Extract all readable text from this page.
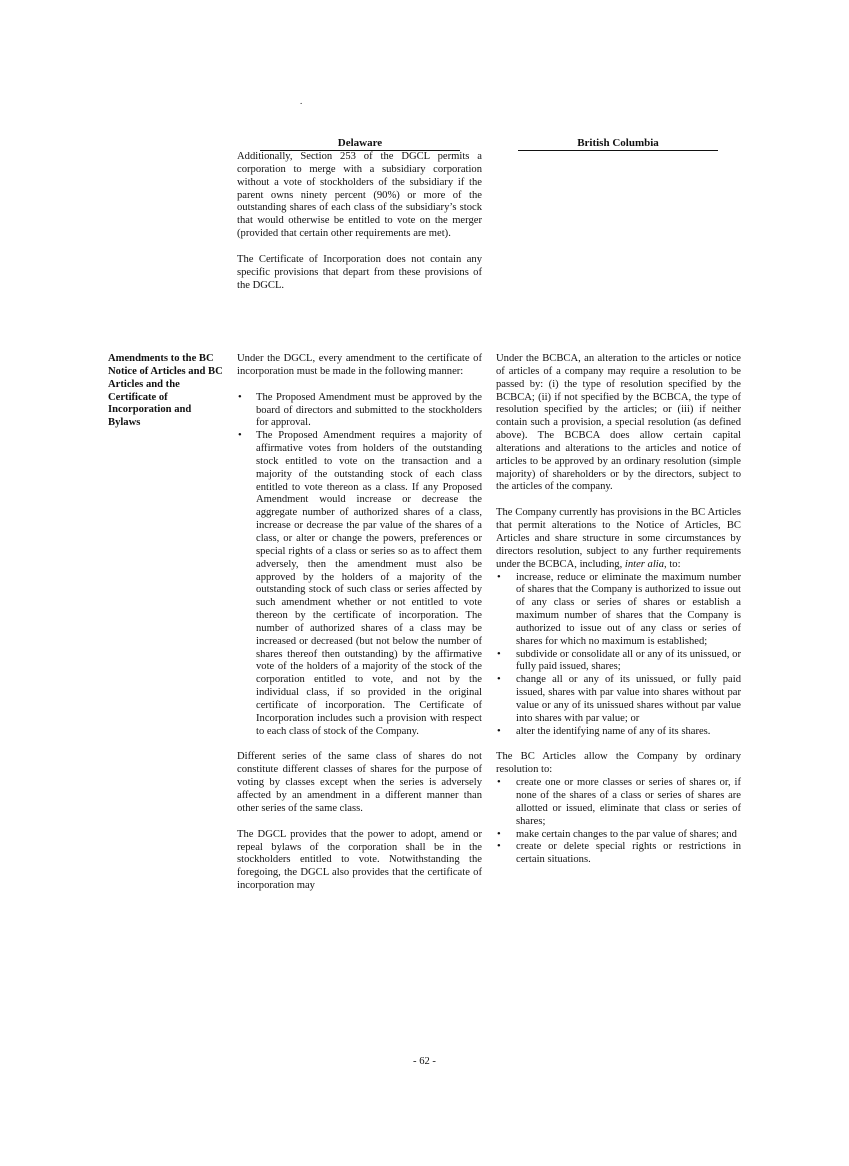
.
Delaware	British Columbia

Additionally, Section 253 of the DGCL permits a corporation to merge with a subsidiary corporation without a vote of stockholders of the subsidiary if the parent owns ninety percent (90%) or more of the outstanding shares of each class of the subsidiary’s stock that would otherwise be entitled to vote on the merger (provided that certain other requirements are met).

The Certificate of Incorporation does not contain any specific provisions that depart from these provisions of the DGCL.

Amendments to the BC Notice of Articles and BC Articles and the Certificate of Incorporation and Bylaws

Under the DGCL, every amendment to the certificate of incorporation must be made in the following manner:

• The Proposed Amendment must be approved by the board of directors and submitted to the stockholders for approval.
• The Proposed Amendment requires a majority of affirmative votes from holders of the outstanding stock entitled to vote on the transaction and a majority of the outstanding stock of each class entitled to vote thereon as a class. If any Proposed Amendment would increase or decrease the aggregate number of authorized shares of a class, increase or decrease the par value of the shares of a class, or alter or change the powers, preferences or special rights of a class or series so as to affect them adversely, then the amendment must also be approved by the holders of a majority of the outstanding stock of such class or series affected by such amendment whether or not entitled to vote thereon by the certificate of incorporation. The number of authorized shares of a class may be increased or decreased (but not below the number of shares thereof then outstanding) by the affirmative vote of the holders of a majority of the stock of the corporation entitled to vote, and not by the individual class, if so provided in the original certificate of incorporation. The Certificate of Incorporation includes such a provision with respect to each class of stock of the Company.

Different series of the same class of shares do not constitute different classes of shares for the purpose of voting by classes except when the series is adversely affected by an amendment in a different manner than other series of the same class.

The DGCL provides that the power to adopt, amend or repeal bylaws of the corporation shall be in the stockholders entitled to vote. Notwithstanding the foregoing, the DGCL also provides that the certificate of incorporation may

Under the BCBCA, an alteration to the articles or notice of articles of a company may require a resolution to be passed by: (i) the type of resolution specified by the BCBCA; (ii) if not specified by the BCBCA, the type of resolution specified by the articles; or (iii) if neither contain such a provision, a special resolution (as defined above). The BCBCA does allow certain capital alterations and alterations to the articles and notice of articles to be approved by an ordinary resolution (simple majority) of shareholders or by the directors, subject to the articles of the company.

The Company currently has provisions in the BC Articles that permit alterations to the Notice of Articles, BC Articles and share structure in some circumstances by directors resolution, subject to any further requirements under the BCBCA, including, inter alia, to:

• increase, reduce or eliminate the maximum number of shares that the Company is authorized to issue out of any class or series of shares or establish a maximum number of shares that the Company is authorized to issue out of any class or series of shares for which no maximum is established;
• subdivide or consolidate all or any of its unissued, or fully paid issued, shares;
• change all or any of its unissued, or fully paid issued, shares with par value into shares without par value or any of its unissued shares without par value into shares with par value; or
• alter the identifying name of any of its shares.

The BC Articles allow the Company by ordinary resolution to:

• create one or more classes or series of shares or, if none of the shares of a class or series of shares are allotted or issued, eliminate that class or series of shares;
• make certain changes to the par value of shares; and
• create or delete special rights or restrictions in certain situations.
- 62 -
